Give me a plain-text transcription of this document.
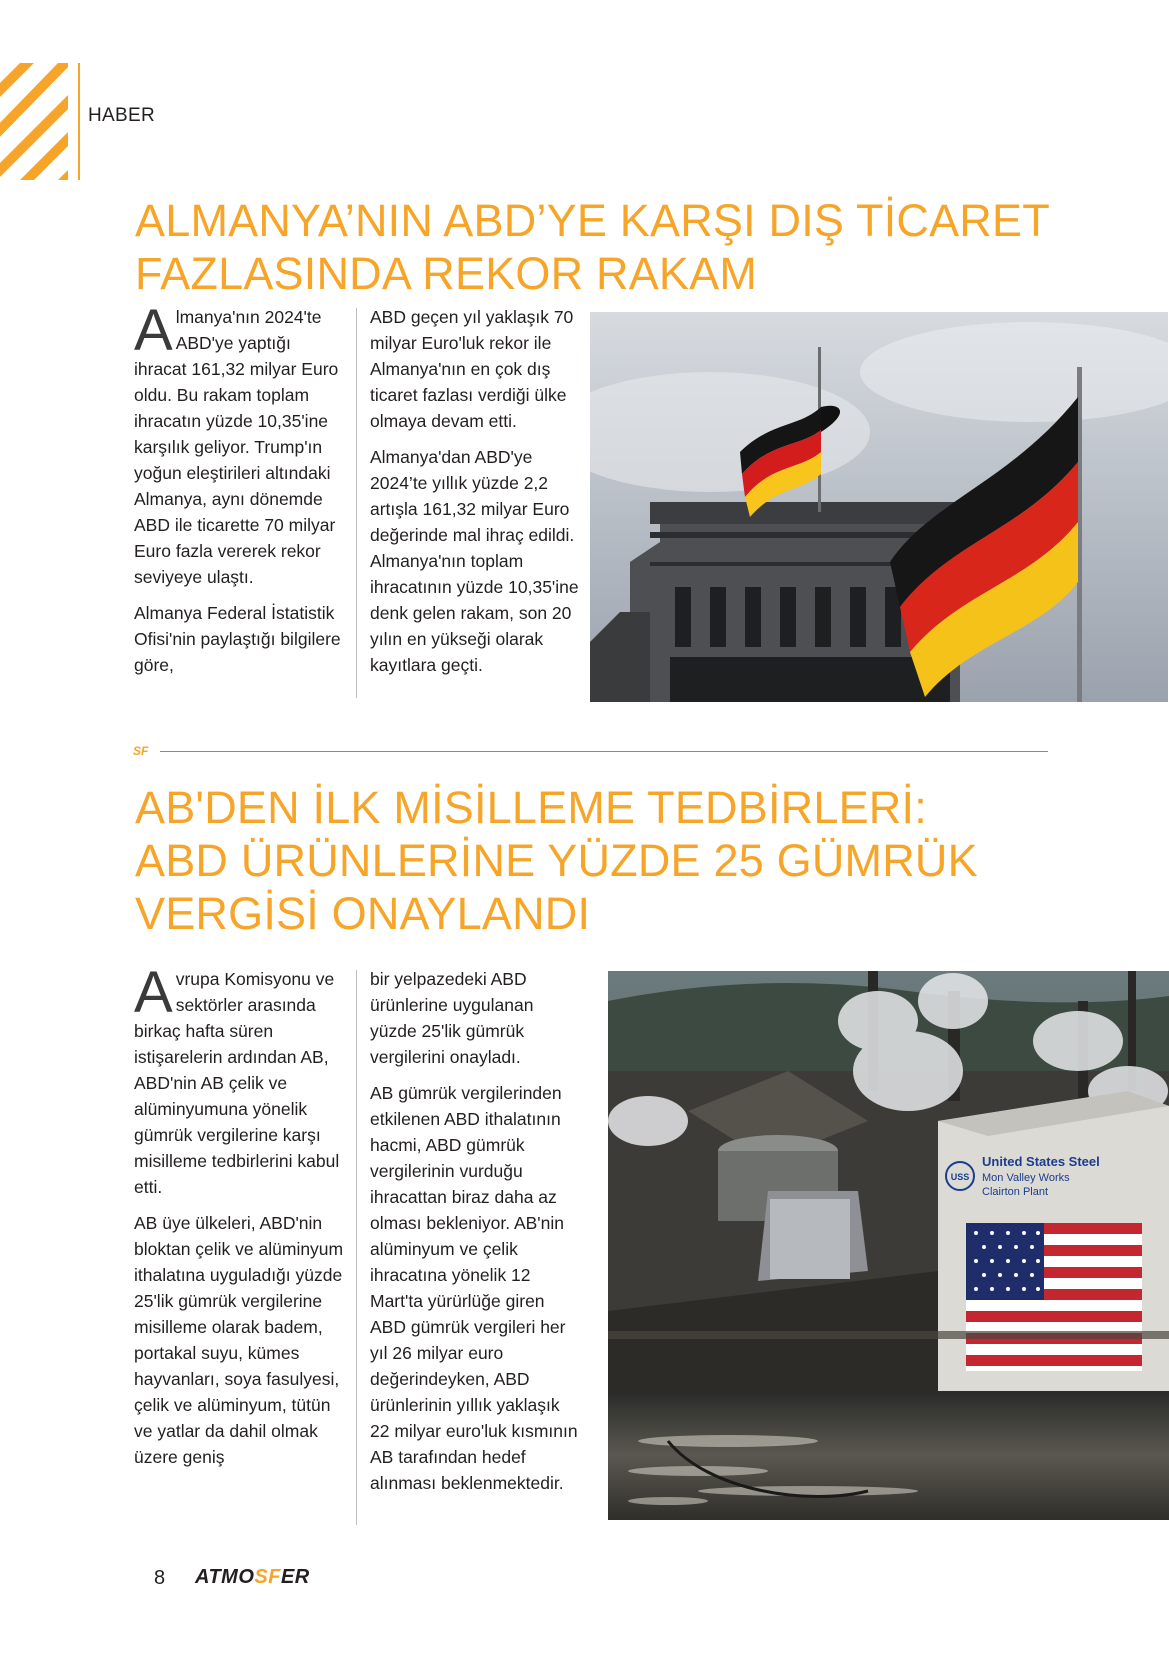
HABER
ALMANYA’NIN ABD’YE KARŞI DIŞ TİCARET
FAZLASINDA REKOR RAKAM

Almanya'nın 2024'te ABD'ye yaptığı ihracat 161,32 milyar Euro oldu. Bu rakam toplam ihracatın yüzde 10,35'ine karşılık geliyor. Trump'ın yoğun eleştirileri altındaki Almanya, aynı dönemde ABD ile ticarette 70 milyar Euro fazla vererek rekor seviyeye ulaştı.

Almanya Federal İstatistik Ofisi'nin paylaştığı bilgilere göre,

ABD geçen yıl yaklaşık 70 milyar Euro'luk rekor ile Almanya'nın en çok dış ticaret fazlası verdiği ülke olmaya devam etti.

Almanya'dan ABD'ye 2024’te yıllık yüzde 2,2 artışla 161,32 milyar Euro değerinde mal ihraç edildi. Almanya'nın toplam ihracatının yüzde 10,35'ine denk gelen rakam, son 20 yılın en yükseği olarak kayıtlara geçti.

SF
AB'DEN İLK MİSİLLEME TEDBİRLERİ:
ABD ÜRÜNLERİNE YÜZDE 25 GÜMRÜK
VERGİSİ ONAYLANDI

Avrupa Komisyonu ve sektörler arasında birkaç hafta süren istişarelerin ardından AB, ABD'nin AB çelik ve alüminyumuna yönelik gümrük vergilerine karşı misilleme tedbirlerini kabul etti.

AB üye ülkeleri, ABD'nin bloktan çelik ve alüminyum ithalatına uyguladığı yüzde 25'lik gümrük vergilerine misilleme olarak badem, portakal suyu, kümes hayvanları, soya fasulyesi, çelik ve alüminyum, tütün ve yatlar da dahil olmak üzere geniş

bir yelpazedeki ABD ürünlerine uygulanan yüzde 25'lik gümrük vergilerini onayladı.

AB gümrük vergilerinden etkilenen ABD ithalatının hacmi, ABD gümrük vergilerinin vurduğu ihracattan biraz daha az olması bekleniyor. AB'nin alüminyum ve çelik ihracatına yönelik 12 Mart'ta yürürlüğe giren ABD gümrük vergileri her yıl 26 milyar euro değerindeyken, ABD ürünlerinin yıllık yaklaşık 22 milyar euro'luk kısmının AB tarafından hedef alınması beklenmektedir.

USS
United States Steel
Mon Valley Works
Clairton Plant
8 ATMOSFER
